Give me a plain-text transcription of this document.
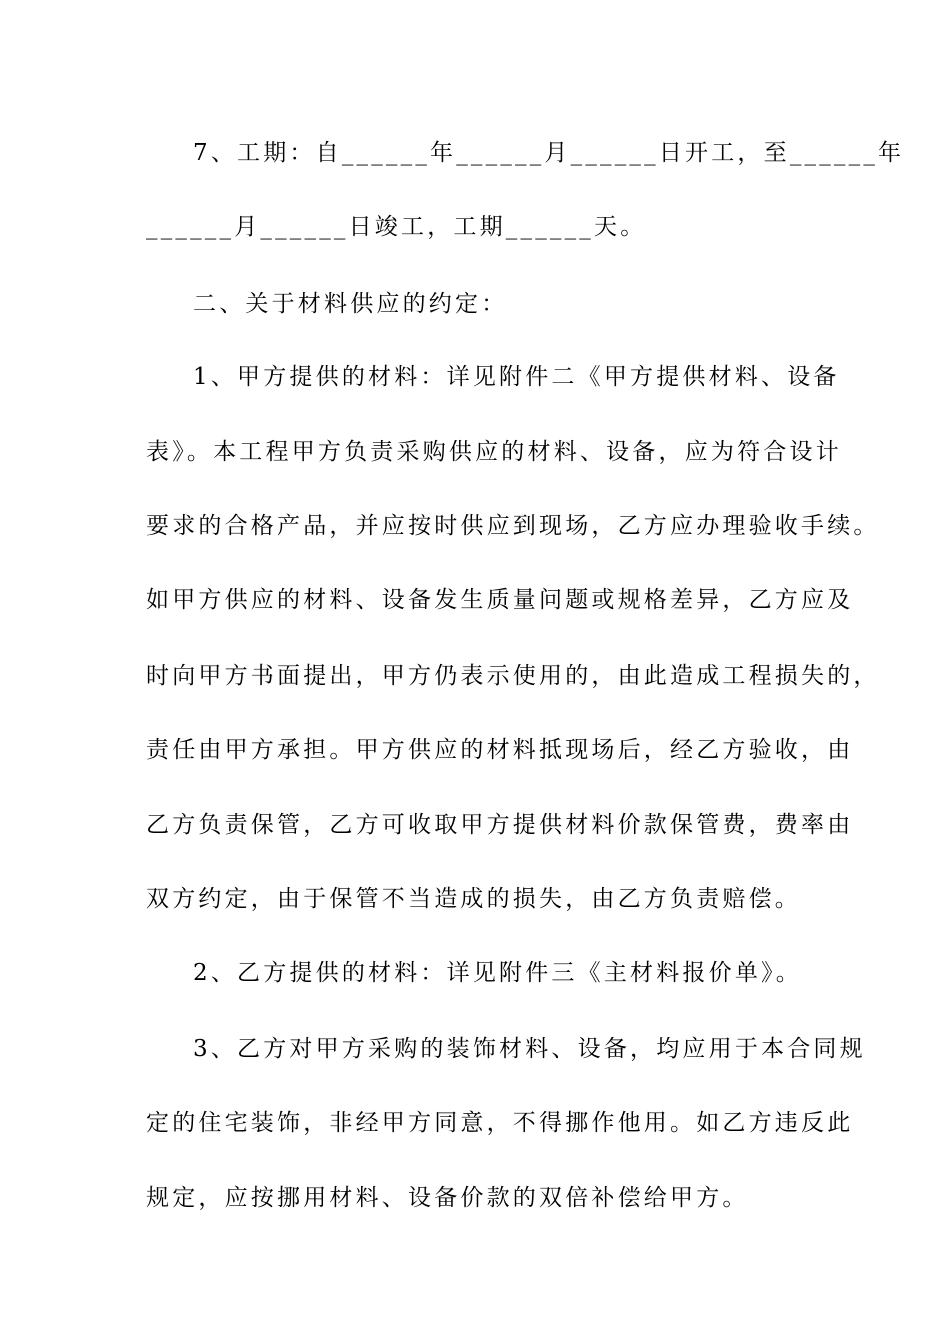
7、工期：自______年______月______日开工，至______年
______月______日竣工，工期______天。
二、关于材料供应的约定：
1、甲方提供的材料：详见附件二《甲方提供材料、设备
表》。本工程甲方负责采购供应的材料、设备，应为符合设计
要求的合格产品，并应按时供应到现场，乙方应办理验收手续。
如甲方供应的材料、设备发生质量问题或规格差异，乙方应及
时向甲方书面提出，甲方仍表示使用的，由此造成工程损失的，
责任由甲方承担。甲方供应的材料抵现场后，经乙方验收，由
乙方负责保管，乙方可收取甲方提供材料价款保管费，费率由
双方约定，由于保管不当造成的损失，由乙方负责赔偿。
2、乙方提供的材料：详见附件三《主材料报价单》。
3、乙方对甲方采购的装饰材料、设备，均应用于本合同规
定的住宅装饰，非经甲方同意，不得挪作他用。如乙方违反此
规定，应按挪用材料、设备价款的双倍补偿给甲方。
